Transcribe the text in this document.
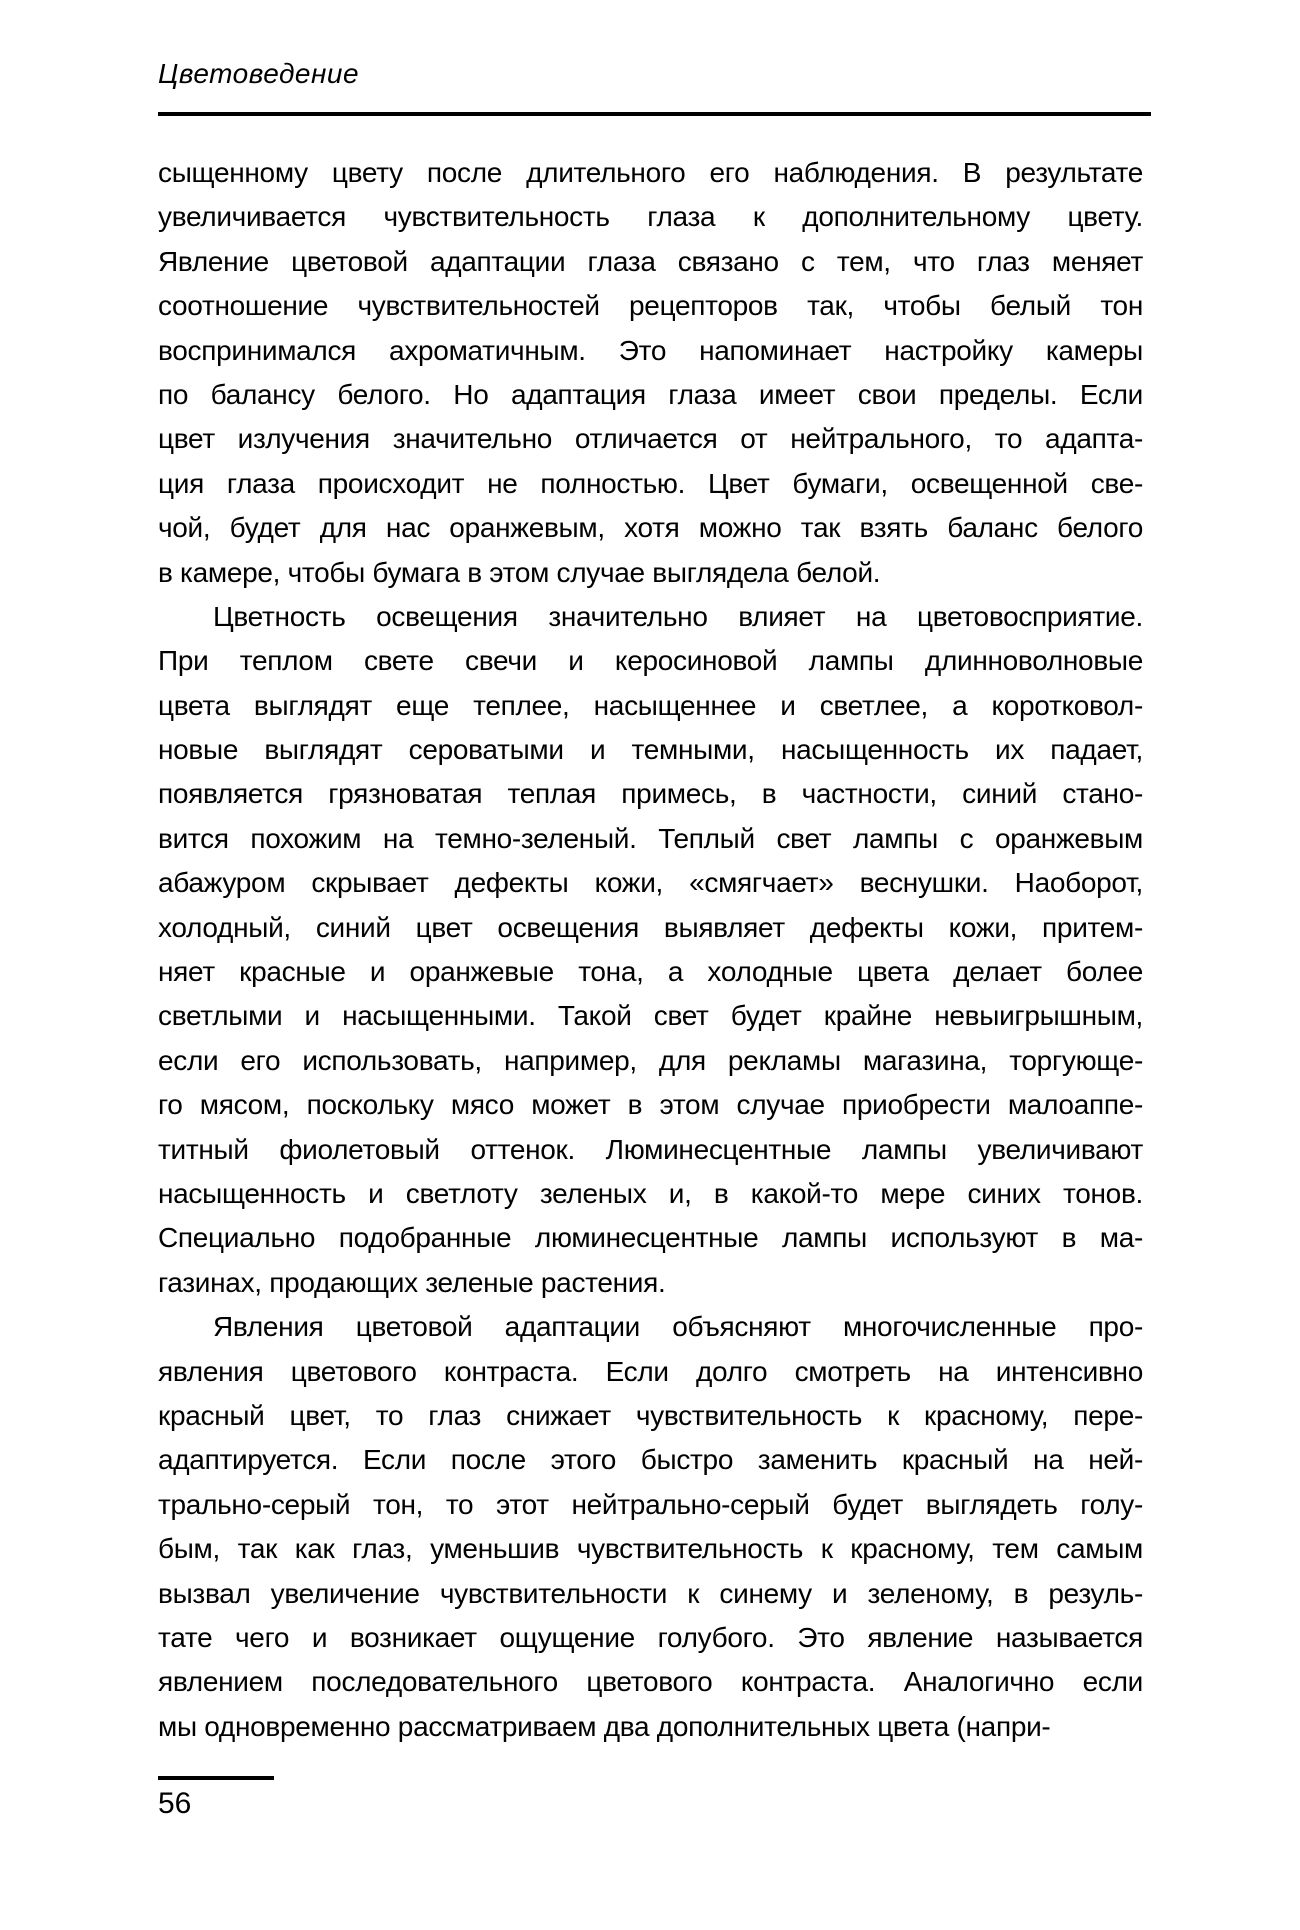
Цветоведение
сыщенному цвету после длительного его наблюдения. В результате
увеличивается чувствительность глаза к дополнительному цвету.
Явление цветовой адаптации глаза связано с тем, что глаз меняет
соотношение чувствительностей рецепторов так, чтобы белый тон
воспринимался ахроматичным. Это напоминает настройку камеры
по балансу белого. Но адаптация глаза имеет свои пределы. Если
цвет излучения значительно отличается от нейтрального, то адапта-
ция глаза происходит не полностью. Цвет бумаги, освещенной све-
чой, будет для нас оранжевым, хотя можно так взять баланс белого
в камере, чтобы бумага в этом случае выглядела белой.
Цветность освещения значительно влияет на цветовосприятие.
При теплом свете свечи и керосиновой лампы длинноволновые
цвета выглядят еще теплее, насыщеннее и светлее, а коротковол-
новые выглядят сероватыми и темными, насыщенность их падает,
появляется грязноватая теплая примесь, в частности, синий стано-
вится похожим на темно-зеленый. Теплый свет лампы с оранжевым
абажуром скрывает дефекты кожи, «смягчает» веснушки. Наоборот,
холодный, синий цвет освещения выявляет дефекты кожи, притем-
няет красные и оранжевые тона, а холодные цвета делает более
светлыми и насыщенными. Такой свет будет крайне невыигрышным,
если его использовать, например, для рекламы магазина, торгующе-
го мясом, поскольку мясо может в этом случае приобрести малоаппе-
титный фиолетовый оттенок. Люминесцентные лампы увеличивают
насыщенность и светлоту зеленых и, в какой-то мере синих тонов.
Специально подобранные люминесцентные лампы используют в ма-
газинах, продающих зеленые растения.
Явления цветовой адаптации объясняют многочисленные про-
явления цветового контраста. Если долго смотреть на интенсивно
красный цвет, то глаз снижает чувствительность к красному, пере-
адаптируется. Если после этого быстро заменить красный на ней-
трально-серый тон, то этот нейтрально-серый будет выглядеть голу-
бым, так как глаз, уменьшив чувствительность к красному, тем самым
вызвал увеличение чувствительности к синему и зеленому, в резуль-
тате чего и возникает ощущение голубого. Это явление называется
явлением последовательного цветового контраста. Аналогично если
мы одновременно рассматриваем два дополнительных цвета (напри-
56
